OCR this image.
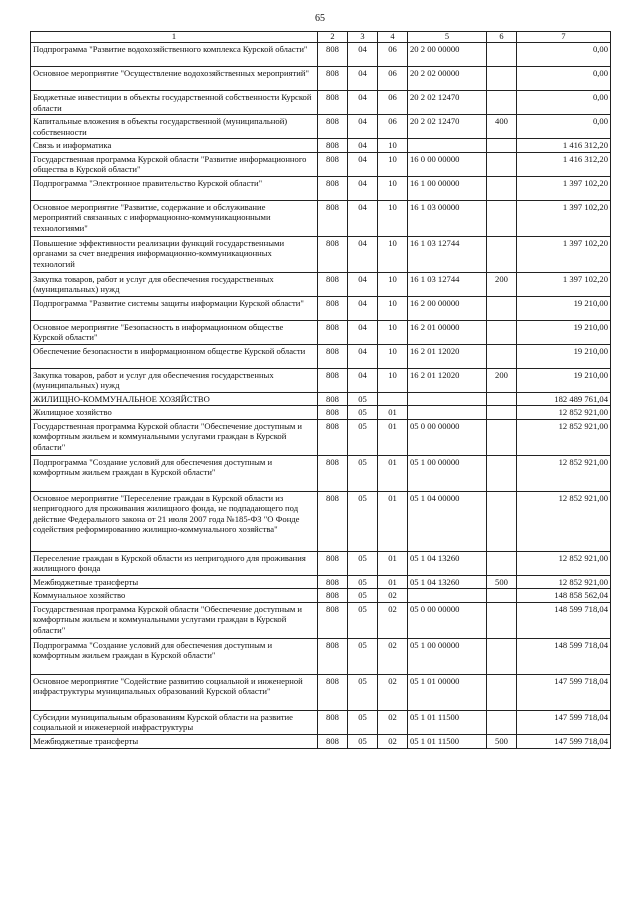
65
1	2	3	4	5	6	7
Подпрограмма "Развитие водохозяйственного комплекса Курской области"	808	04	06	20 2 00 00000		0,00
Основное мероприятие "Осуществление водохозяйственных мероприятий"	808	04	06	20 2 02 00000		0,00
Бюджетные инвестиции в объекты государственной собственности Курской области	808	04	06	20 2 02 12470		0,00
Капитальные вложения в объекты государственной (муниципальной) собственности	808	04	06	20 2 02 12470	400	0,00
Связь и информатика	808	04	10			1 416 312,20
Государственная программа Курской области "Развитие информационного общества в Курской области"	808	04	10	16 0 00 00000		1 416 312,20
Подпрограмма "Электронное правительство Курской области"	808	04	10	16 1 00 00000		1 397 102,20
Основное мероприятие "Развитие, содержание и обслуживание мероприятий связанных с информационно-коммуникационными технологиями"	808	04	10	16 1 03 00000		1 397 102,20
Повышение эффективности реализации функций государственными органами за счет внедрения информационно-коммуникационных технологий	808	04	10	16 1 03 12744		1 397 102,20
Закупка товаров, работ и услуг для обеспечения государственных (муниципальных) нужд	808	04	10	16 1 03 12744	200	1 397 102,20
Подпрограмма "Развитие системы защиты информации Курской области"	808	04	10	16 2 00 00000		19 210,00
Основное мероприятие "Безопасность в информационном обществе Курской области"	808	04	10	16 2 01 00000		19 210,00
Обеспечение безопасности в информационном обществе Курской области	808	04	10	16 2 01 12020		19 210,00
Закупка товаров, работ и услуг для обеспечения государственных (муниципальных) нужд	808	04	10	16 2 01 12020	200	19 210,00
ЖИЛИЩНО-КОММУНАЛЬНОЕ ХОЗЯЙСТВО	808	05				182 489 761,04
Жилищное хозяйство	808	05	01			12 852 921,00
Государственная программа Курской области "Обеспечение доступным и комфортным жильем и коммунальными услугами граждан в Курской области"	808	05	01	05 0 00 00000		12 852 921,00
Подпрограмма "Создание условий для обеспечения доступным и комфортным жильем граждан в Курской области"	808	05	01	05 1 00 00000		12 852 921,00
Основное мероприятие "Переселение граждан в Курской области из непригодного для проживания жилищного фонда, не подпадающего под действие Федерального закона от 21 июля 2007 года №185-ФЗ "О Фонде содействия реформированию жилищно-коммунального хозяйства"	808	05	01	05 1 04 00000		12 852 921,00
Переселение граждан в Курской области из непригодного для проживания жилищного фонда	808	05	01	05 1 04 13260		12 852 921,00
Межбюджетные трансферты	808	05	01	05 1 04 13260	500	12 852 921,00
Коммунальное хозяйство	808	05	02			148 858 562,04
Государственная программа Курской области "Обеспечение доступным и комфортным жильем и коммунальными услугами граждан в Курской области"	808	05	02	05 0 00 00000		148 599 718,04
Подпрограмма "Создание условий для обеспечения доступным и комфортным жильем граждан в Курской области"	808	05	02	05 1 00 00000		148 599 718,04
Основное мероприятие "Содействие развитию социальной и инженерной инфраструктуры муниципальных образований Курской области"	808	05	02	05 1 01 00000		147 599 718,04
Субсидии муниципальным образованиям Курской области на развитие социальной и инженерной инфраструктуры	808	05	02	05 1 01 11500		147 599 718,04
Межбюджетные трансферты	808	05	02	05 1 01 11500	500	147 599 718,04
